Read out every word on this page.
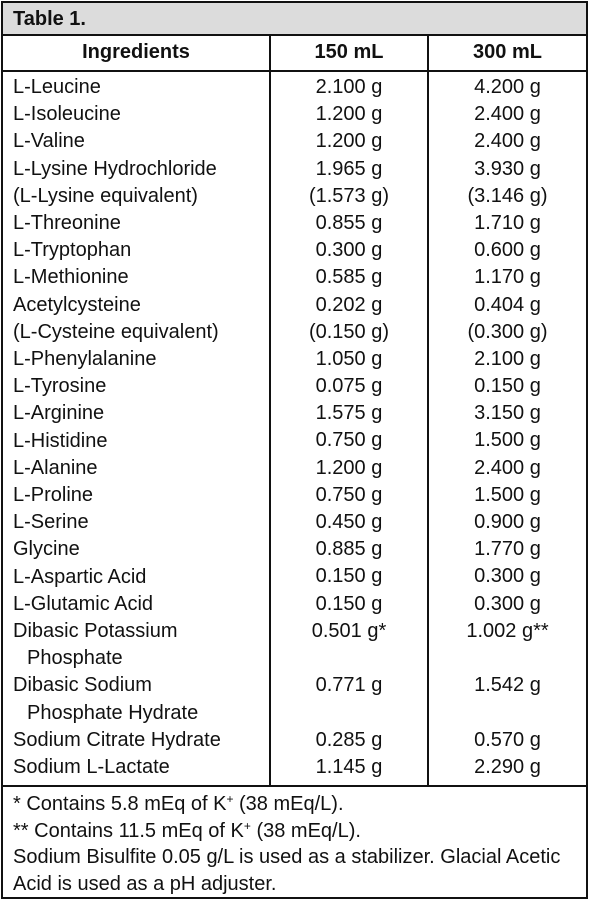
Table 1.
Ingredients	150 mL	300 mL
L-Leucine
L-Isoleucine
L-Valine
L-Lysine Hydrochloride
(L-Lysine equivalent)
L-Threonine
L-Tryptophan
L-Methionine
Acetylcysteine
(L-Cysteine equivalent)
L-Phenylalanine
L-Tyrosine
L-Arginine
L-Histidine
L-Alanine
L-Proline
L-Serine
Glycine
L-Aspartic Acid
L-Glutamic Acid
Dibasic Potassium
Phosphate
Dibasic Sodium
Phosphate Hydrate
Sodium Citrate Hydrate
Sodium L-Lactate
2.100 g
1.200 g
1.200 g
1.965 g
(1.573 g)
0.855 g
0.300 g
0.585 g
0.202 g
(0.150 g)
1.050 g
0.075 g
1.575 g
0.750 g
1.200 g
0.750 g
0.450 g
0.885 g
0.150 g
0.150 g
0.501 g*
0.771 g
0.285 g
1.145 g
4.200 g
2.400 g
2.400 g
3.930 g
(3.146 g)
1.710 g
0.600 g
1.170 g
0.404 g
(0.300 g)
2.100 g
0.150 g
3.150 g
1.500 g
2.400 g
1.500 g
0.900 g
1.770 g
0.300 g
0.300 g
1.002 g**
1.542 g
0.570 g
2.290 g
* Contains 5.8 mEq of K+ (38 mEq/L).
** Contains 11.5 mEq of K+ (38 mEq/L).
Sodium Bisulfite 0.05 g/L is used as a stabilizer. Glacial Acetic Acid is used as a pH adjuster.
